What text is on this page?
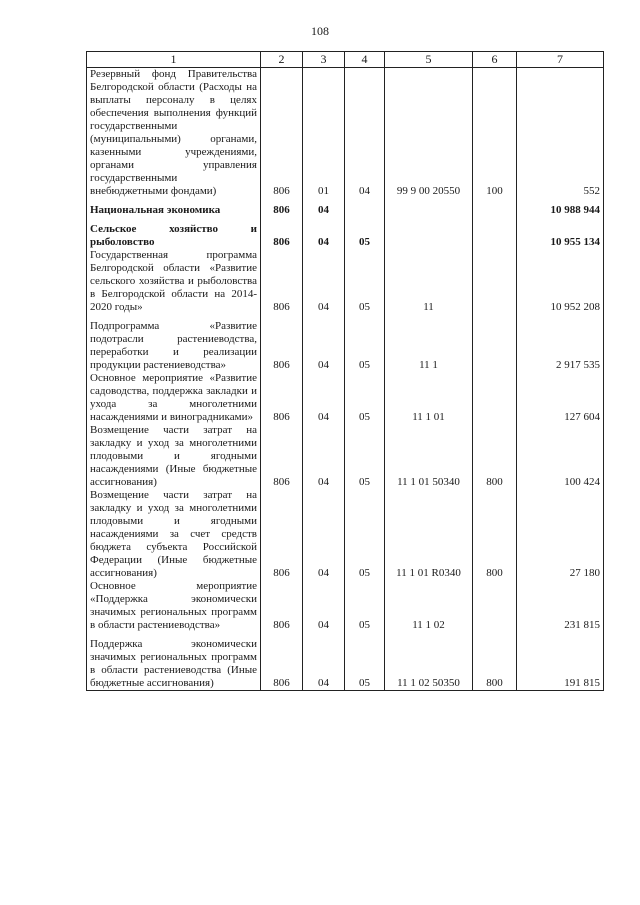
108
1	2	3	4	5	6	7
Резервный фонд Правительства Белгородской области (Расходы на выплаты персоналу в целях обеспечения выполнения функций государственными (муниципальными) органами, казенными учреждениями, органами управления государственными внебюджетными фондами)	806	01	04	99 9 00 20550	100	552
Национальная экономика	806	04				10 988 944
Сельское хозяйство и рыболовство	806	04	05			10 955 134
Государственная программа Белгородской области «Развитие сельского хозяйства и рыболовства в Белгородской области на 2014-2020 годы»	806	04	05	11		10 952 208
Подпрограмма «Развитие подотрасли растениеводства, переработки и реализации продукции растениеводства»	806	04	05	11 1		2 917 535
Основное мероприятие «Развитие садоводства, поддержка закладки и ухода за многолетними насаждениями и виноградниками»	806	04	05	11 1 01		127 604
Возмещение части затрат на закладку и уход за многолетними плодовыми и ягодными насаждениями (Иные бюджетные ассигнования)	806	04	05	11 1 01 50340	800	100 424
Возмещение части затрат на закладку и уход за многолетними плодовыми и ягодными насаждениями за счет средств бюджета субъекта Российской Федерации (Иные бюджетные ассигнования)	806	04	05	11 1 01 R0340	800	27 180
Основное мероприятие «Поддержка экономически значимых региональных программ в области растениеводства»	806	04	05	11 1 02		231 815
Поддержка экономически значимых региональных программ в области растениеводства (Иные бюджетные ассигнования)	806	04	05	11 1 02 50350	800	191 815
